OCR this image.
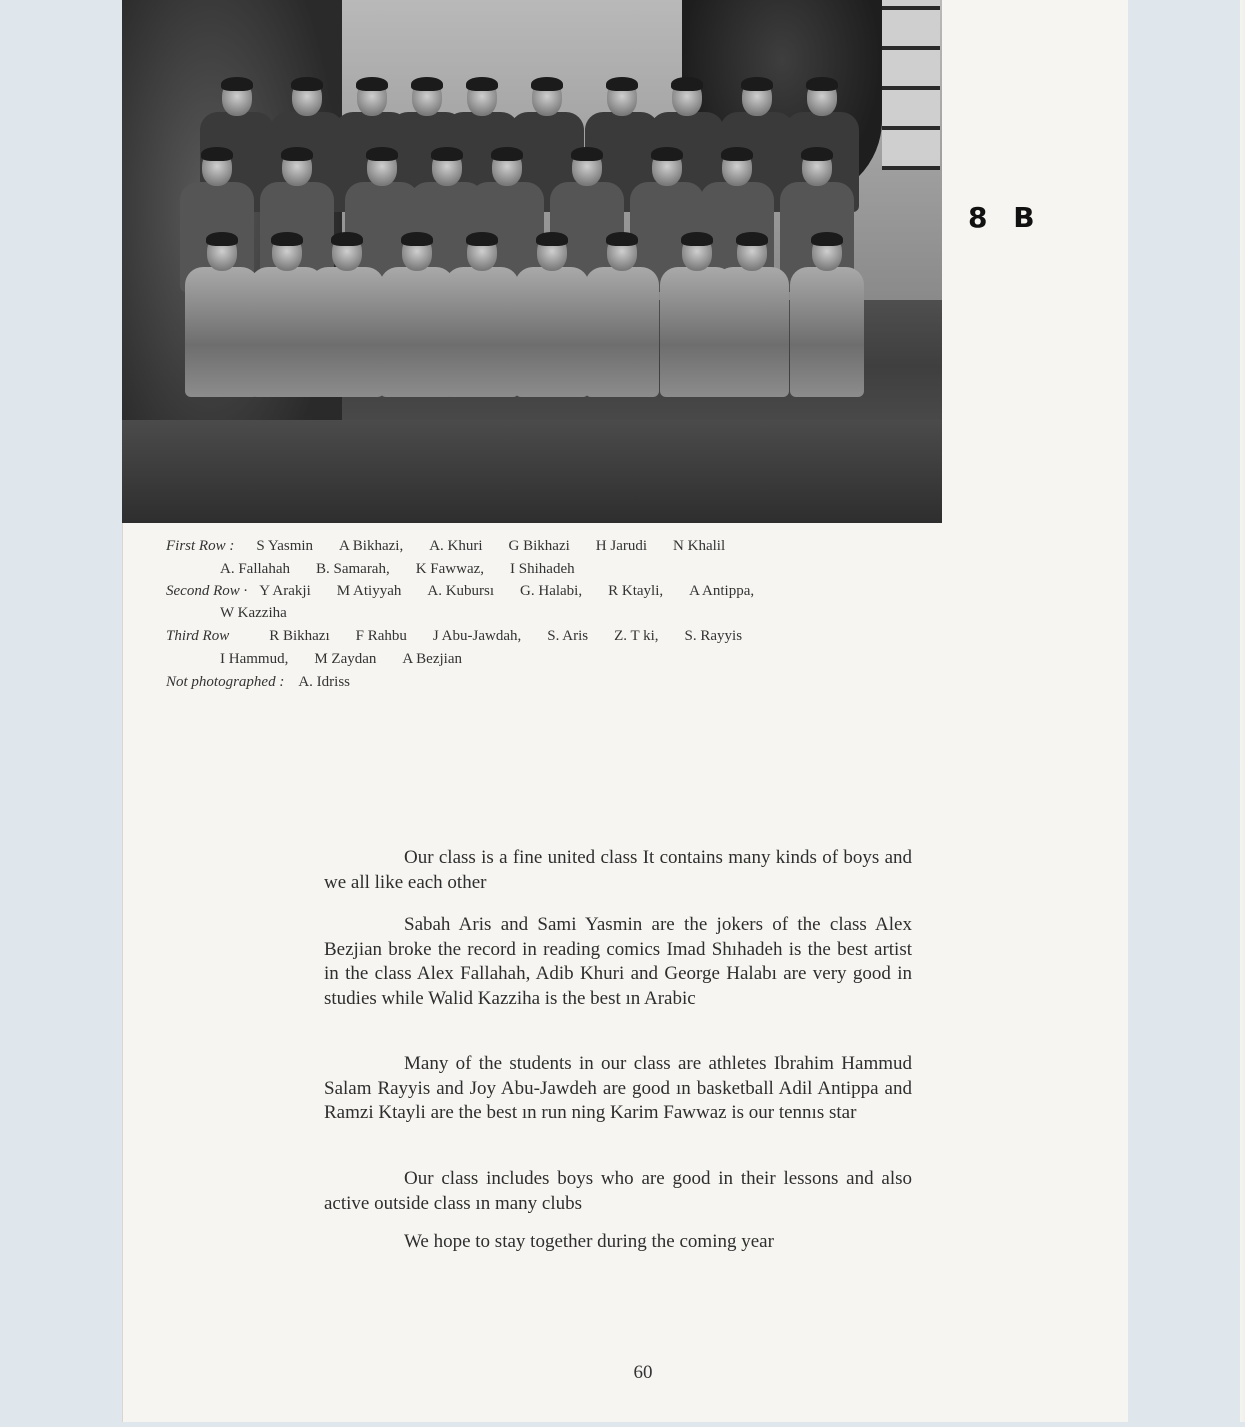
8 B
First Row : S Yasmin A Bikhazi, A. Khuri G Bikhazi H Jarudi N Khalil
A. Fallahah B. Samarah, K Fawwaz, I Shihadeh
Second Row · Y Arakji M Atiyyah A. Kubursı G. Halabi, R Ktayli, A Antippa,
W Kazziha
Third Row	R Bikhazı F Rahbu J Abu-Jawdah, S. Aris Z. T ki, S. Rayyis
I Hammud, M Zaydan A Bezjian
Not photographed : A. Idriss
Our class is a fine united class It contains many kinds of boys and we all like each other
Sabah Aris and Sami Yasmin are the jokers of the class Alex Bezjian broke the record in reading comics Imad Shıhadeh is the best artist in the class Alex Fallahah, Adib Khuri and George Halabı are very good in studies while Walid Kazziha is the best ın Arabic
Many of the students in our class are athletes Ibrahim Hammud Salam Rayyis and Joy Abu-Jawdeh are good ın basketball Adil Antippa and Ramzi Ktayli are the best ın run ning Karim Fawwaz is our tennıs star
Our class includes boys who are good in their lessons and also active outside class ın many clubs
We hope to stay together during the coming year
60
